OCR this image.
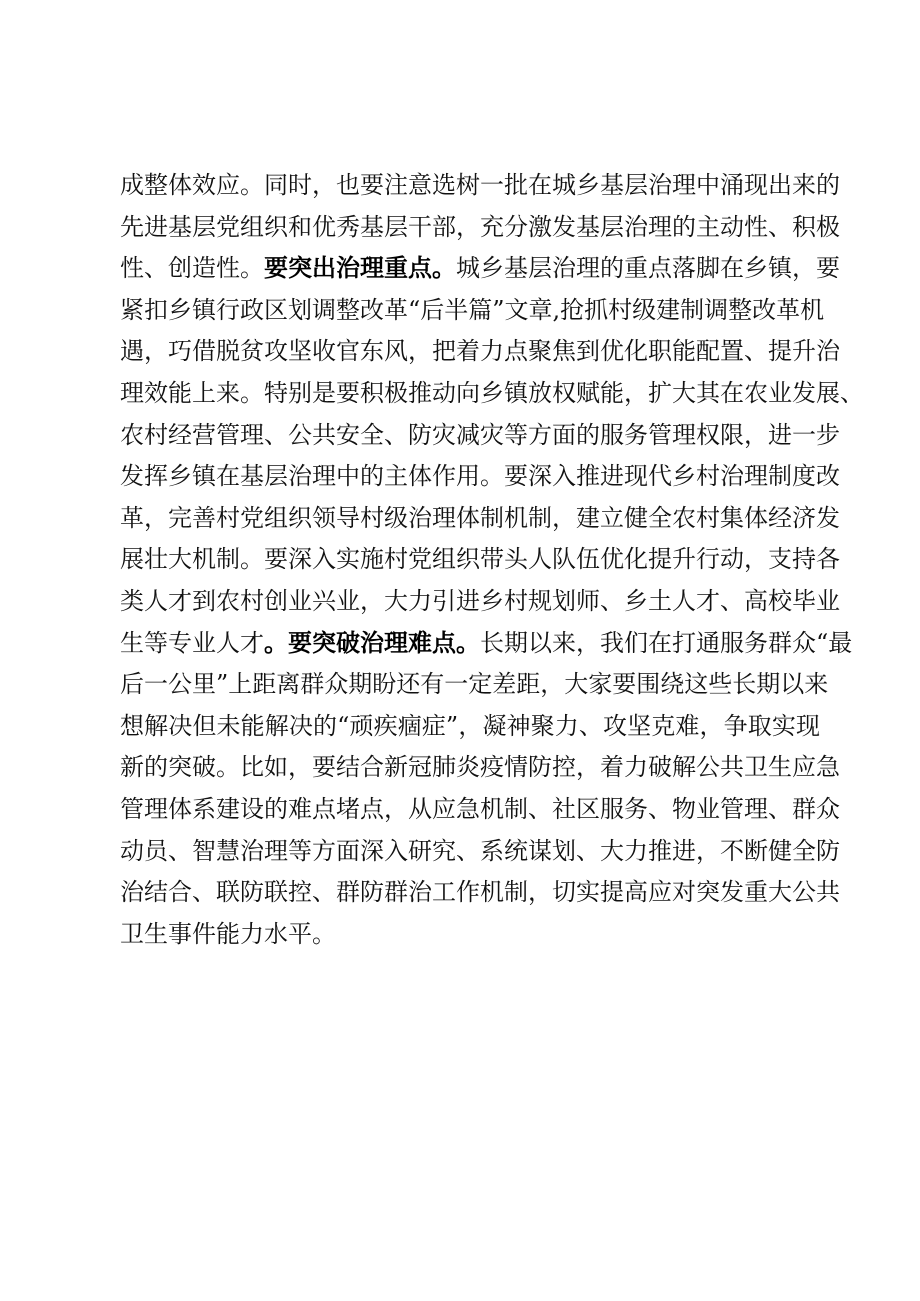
成整体效应。同时，也要注意选树一批在城乡基层治理中涌现出来的
先进基层党组织和优秀基层干部，充分激发基层治理的主动性、积极
性、创造性。要突出治理重点。城乡基层治理的重点落脚在乡镇，要
紧扣乡镇行政区划调整改革“后半篇”文章,抢抓村级建制调整改革机
遇，巧借脱贫攻坚收官东风，把着力点聚焦到优化职能配置、提升治
理效能上来。特别是要积极推动向乡镇放权赋能，扩大其在农业发展、
农村经营管理、公共安全、防灾减灾等方面的服务管理权限，进一步
发挥乡镇在基层治理中的主体作用。要深入推进现代乡村治理制度改
革，完善村党组织领导村级治理体制机制，建立健全农村集体经济发
展壮大机制。要深入实施村党组织带头人队伍优化提升行动，支持各
类人才到农村创业兴业，大力引进乡村规划师、乡土人才、高校毕业
生等专业人才。要突破治理难点。长期以来，我们在打通服务群众“最
后一公里”上距离群众期盼还有一定差距，大家要围绕这些长期以来
想解决但未能解决的“顽疾痼症”，凝神聚力、攻坚克难，争取实现
新的突破。比如，要结合新冠肺炎疫情防控，着力破解公共卫生应急
管理体系建设的难点堵点，从应急机制、社区服务、物业管理、群众
动员、智慧治理等方面深入研究、系统谋划、大力推进，不断健全防
治结合、联防联控、群防群治工作机制，切实提高应对突发重大公共
卫生事件能力水平。
